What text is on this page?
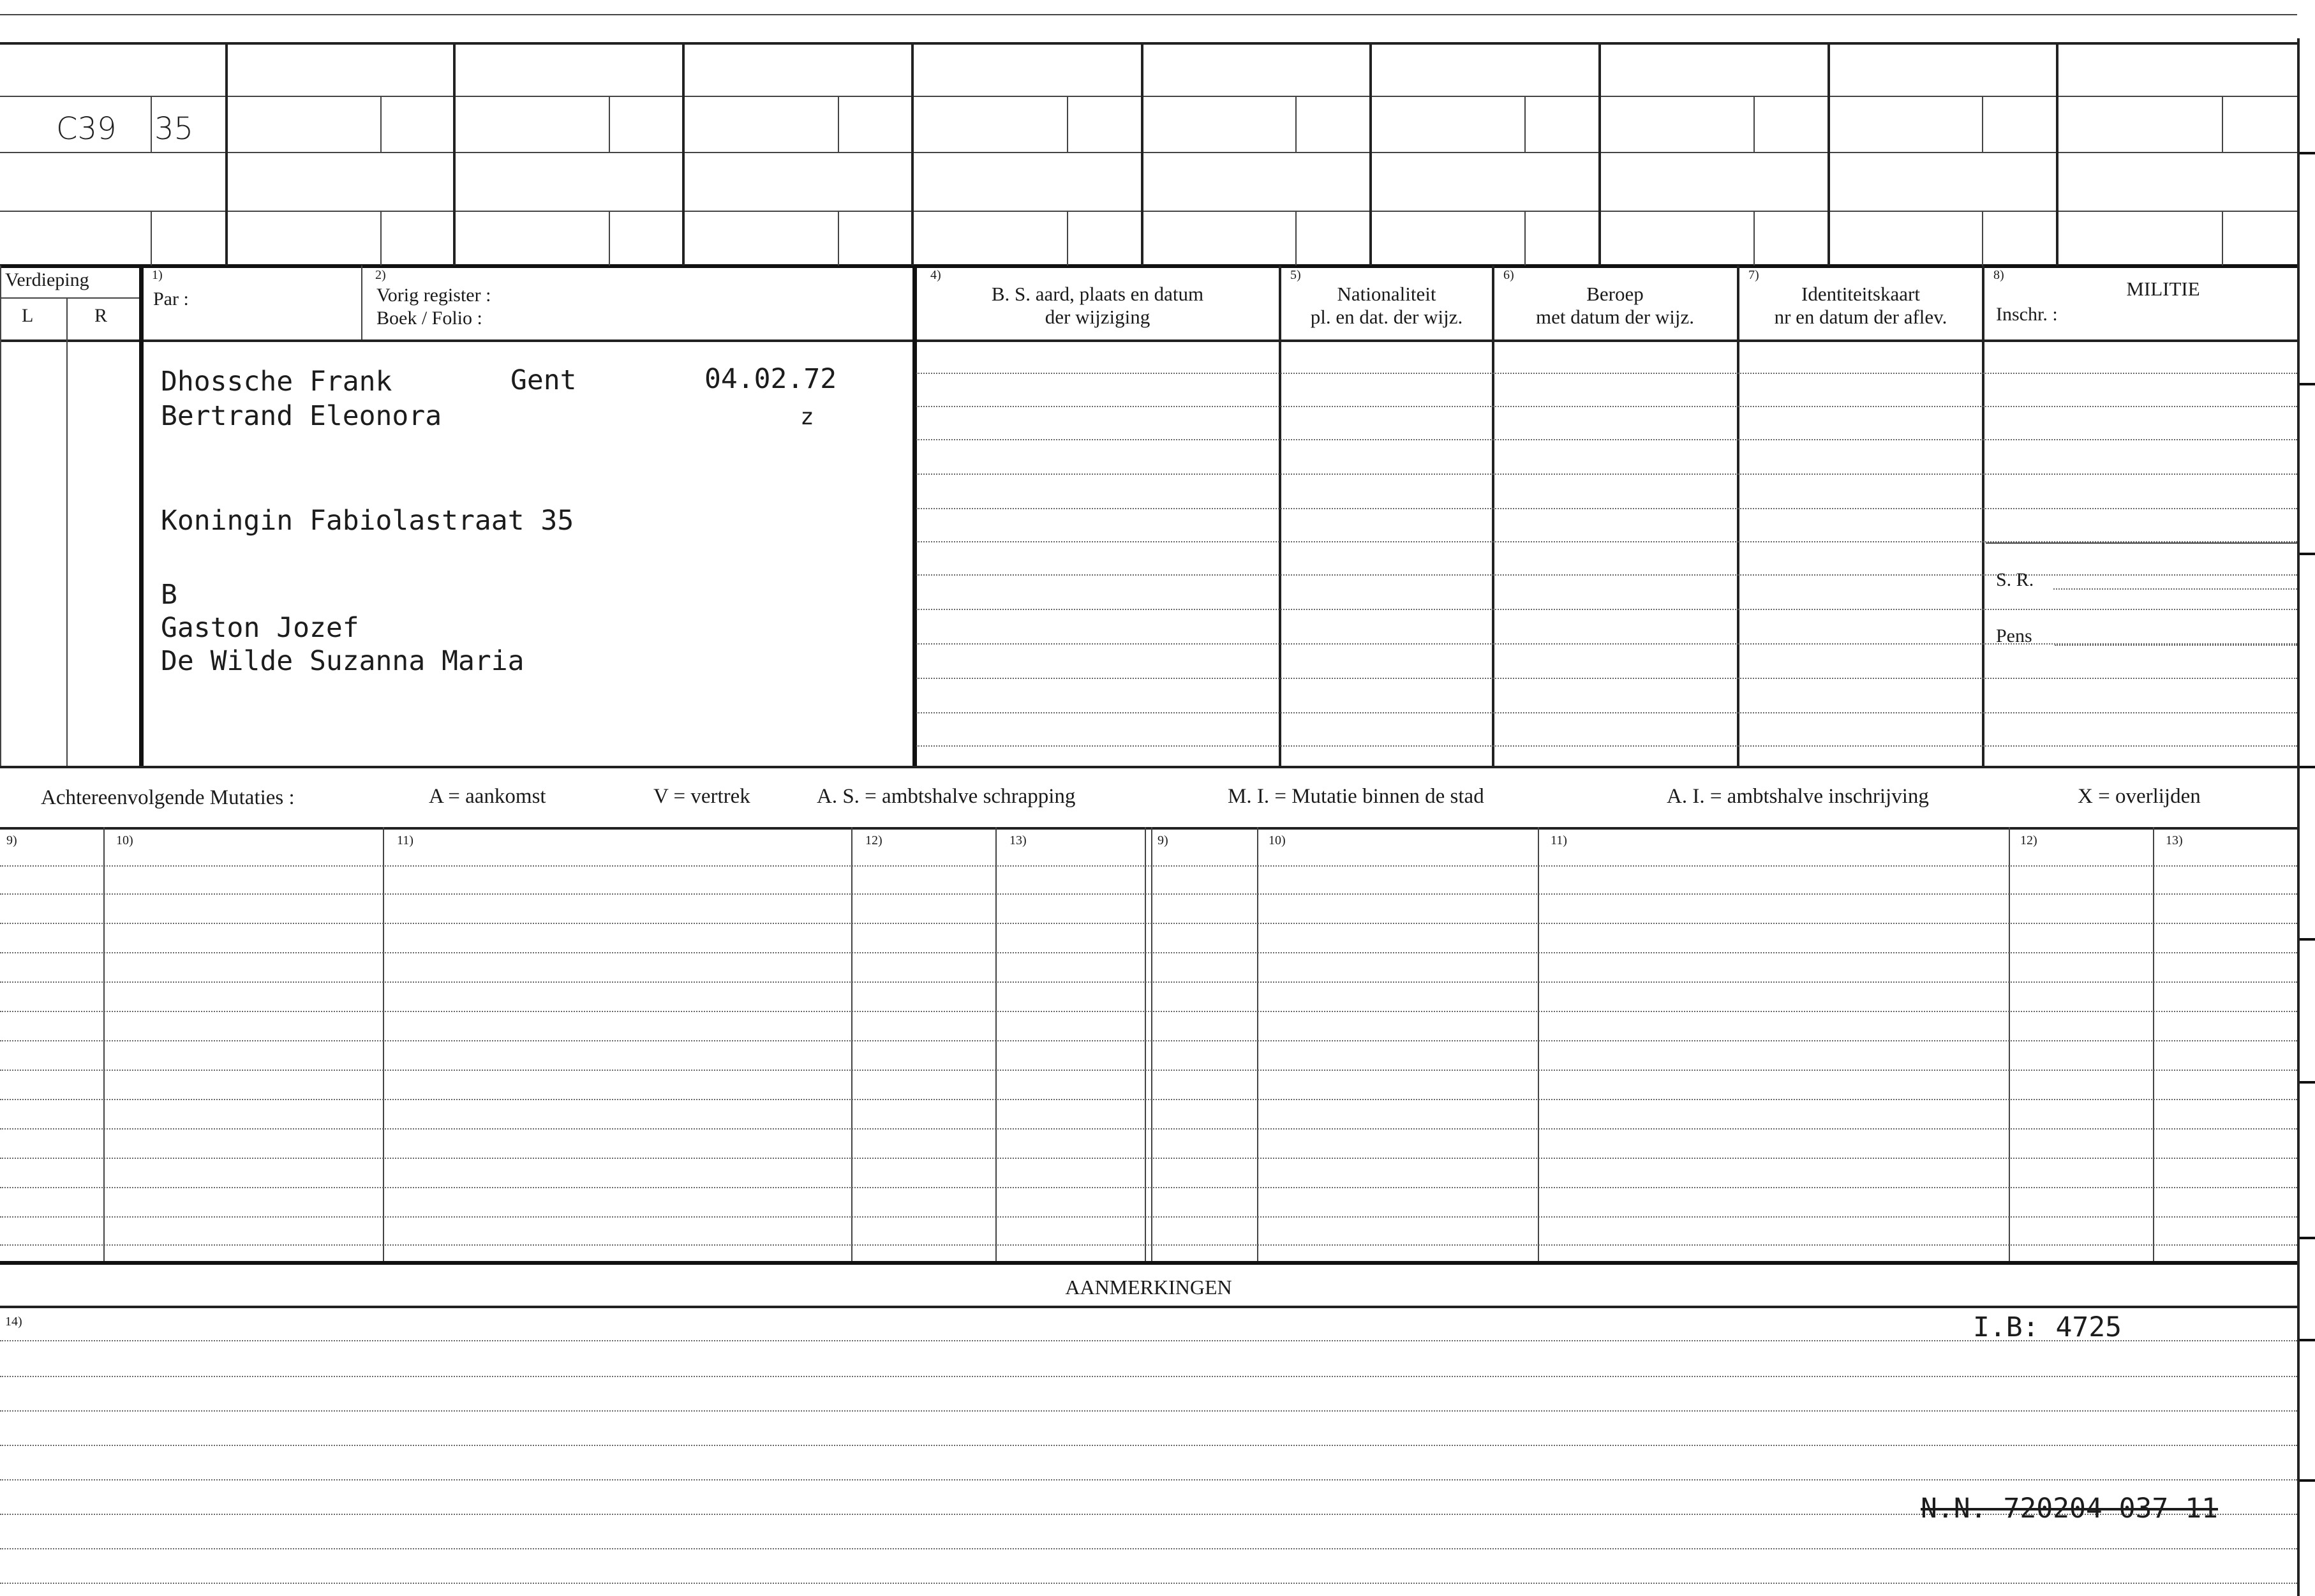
C39 35
Verdieping
L	R
1)
Par :
2)
Vorig register :
Boek / Folio :
4)
B. S. aard, plaats en datum
der wijziging
5)
Nationaliteit
pl. en dat. der wijz.
6)
Beroep
met datum der wijz.
7)
Identiteitskaart
nr en datum der aflev.
8)
MILITIE
Inschr. :
Dhossche Frank	Gent	04.02.72
Bertrand Eleonora	z
Koningin Fabiolastraat 35
B
Gaston Jozef
De Wilde Suzanna Maria
S. R.
Pens
Achtereenvolgende Mutaties :	A = aankomst	V = vertrek	A. S. = ambtshalve schrapping	M. I. = Mutatie binnen de stad	A. I. = ambtshalve inschrijving	X = overlijden
9)	10)	11)	12)	13)	9)	10)	11)	12)	13)
AANMERKINGEN
14)	I.B: 4725
N.N. 720204 037 11
